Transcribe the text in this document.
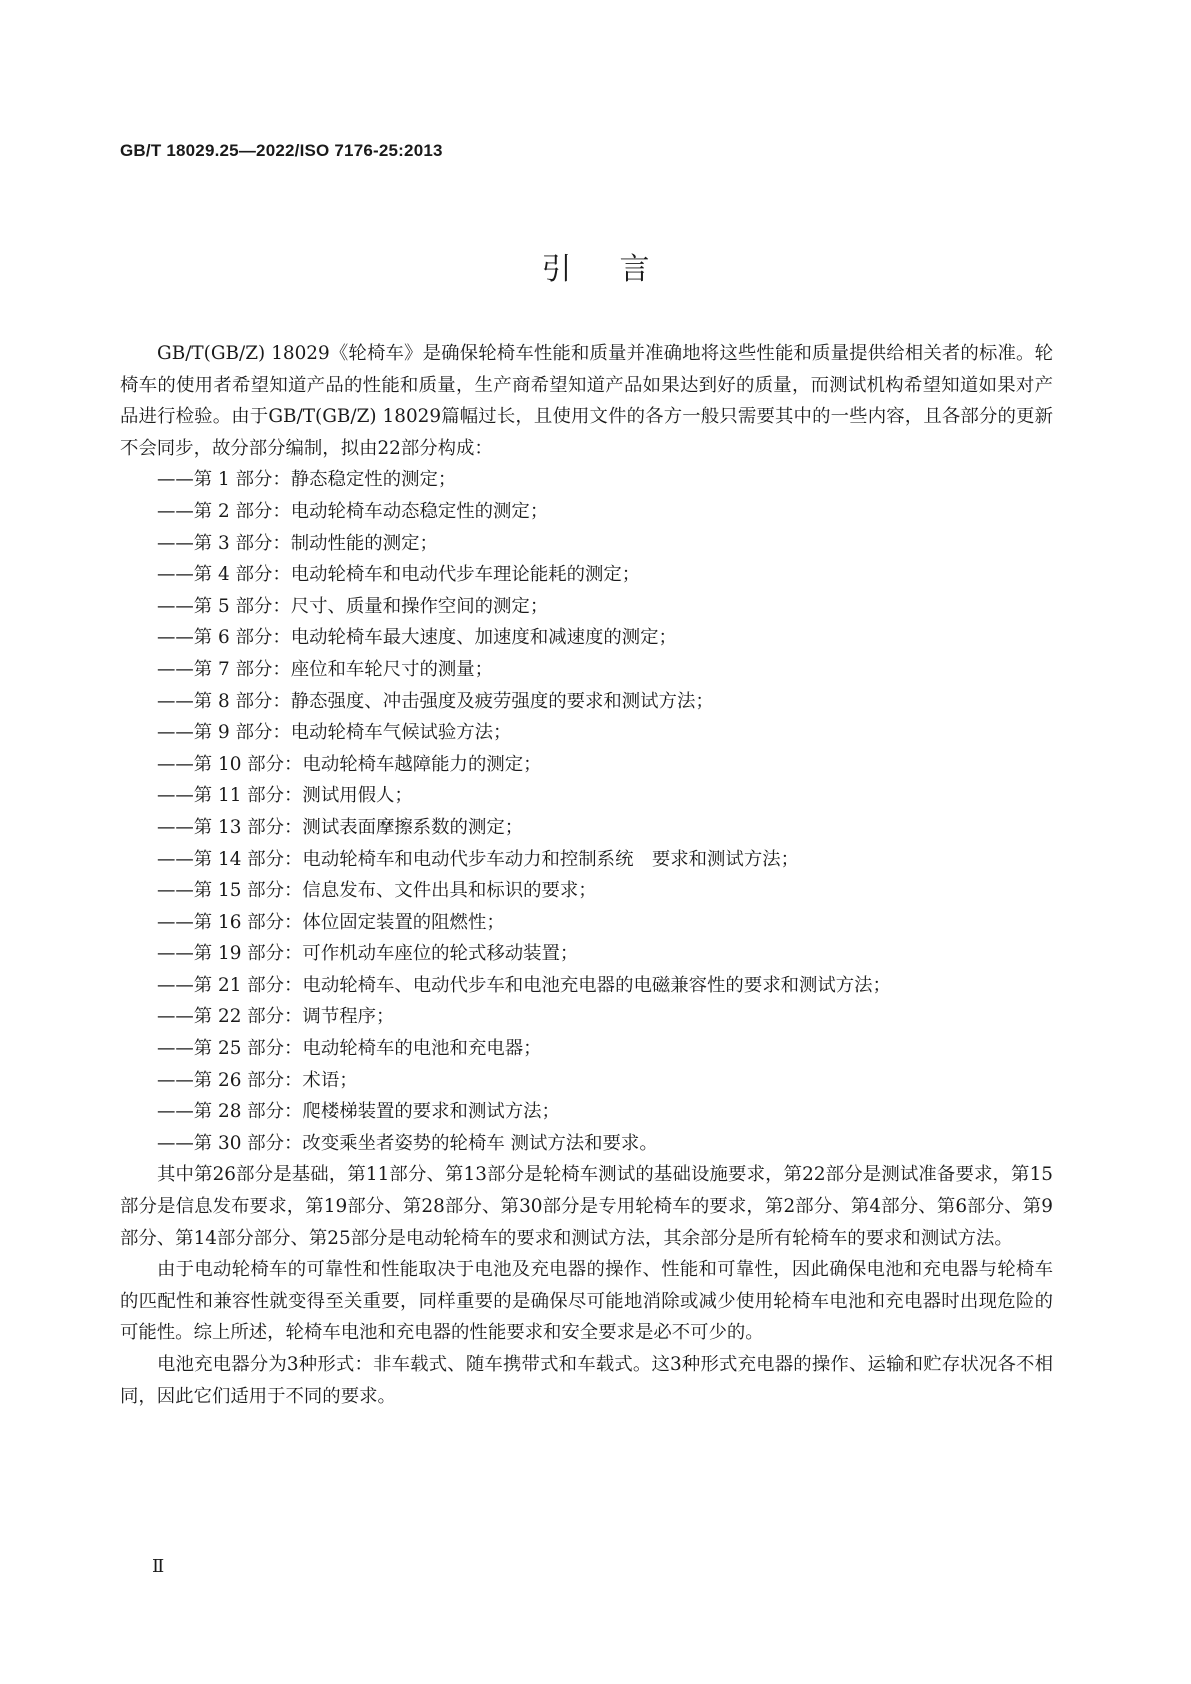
GB/T 18029.25—2022/ISO 7176-25:2013
引言

GB/T(GB/Z) 18029《轮椅车》是确保轮椅车性能和质量并准确地将这些性能和质量提供给相关者的标准。轮椅车的使用者希望知道产品的性能和质量，生产商希望知道产品如果达到好的质量，而测试机构希望知道如果对产品进行检验。由于GB/T(GB/Z) 18029篇幅过长，且使用文件的各方一般只需要其中的一些内容，且各部分的更新不会同步，故分部分编制，拟由22部分构成：

——第 1 部分：静态稳定性的测定；
——第 2 部分：电动轮椅车动态稳定性的测定；
——第 3 部分：制动性能的测定；
——第 4 部分：电动轮椅车和电动代步车理论能耗的测定；
——第 5 部分：尺寸、质量和操作空间的测定；
——第 6 部分：电动轮椅车最大速度、加速度和减速度的测定；
——第 7 部分：座位和车轮尺寸的测量；
——第 8 部分：静态强度、冲击强度及疲劳强度的要求和测试方法；
——第 9 部分：电动轮椅车气候试验方法；
——第 10 部分：电动轮椅车越障能力的测定；
——第 11 部分：测试用假人；
——第 13 部分：测试表面摩擦系数的测定；
——第 14 部分：电动轮椅车和电动代步车动力和控制系统　要求和测试方法；
——第 15 部分：信息发布、文件出具和标识的要求；
——第 16 部分：体位固定装置的阻燃性；
——第 19 部分：可作机动车座位的轮式移动装置；
——第 21 部分：电动轮椅车、电动代步车和电池充电器的电磁兼容性的要求和测试方法；
——第 22 部分：调节程序；
——第 25 部分：电动轮椅车的电池和充电器；
——第 26 部分：术语；
——第 28 部分：爬楼梯装置的要求和测试方法；
——第 30 部分：改变乘坐者姿势的轮椅车 测试方法和要求。

其中第26部分是基础，第11部分、第13部分是轮椅车测试的基础设施要求，第22部分是测试准备要求，第15部分是信息发布要求，第19部分、第28部分、第30部分是专用轮椅车的要求，第2部分、第4部分、第6部分、第9部分、第14部分部分、第25部分是电动轮椅车的要求和测试方法，其余部分是所有轮椅车的要求和测试方法。

由于电动轮椅车的可靠性和性能取决于电池及充电器的操作、性能和可靠性，因此确保电池和充电器与轮椅车的匹配性和兼容性就变得至关重要，同样重要的是确保尽可能地消除或减少使用轮椅车电池和充电器时出现危险的可能性。综上所述，轮椅车电池和充电器的性能要求和安全要求是必不可少的。

电池充电器分为3种形式：非车载式、随车携带式和车载式。这3种形式充电器的操作、运输和贮存状况各不相同，因此它们适用于不同的要求。

Ⅱ
